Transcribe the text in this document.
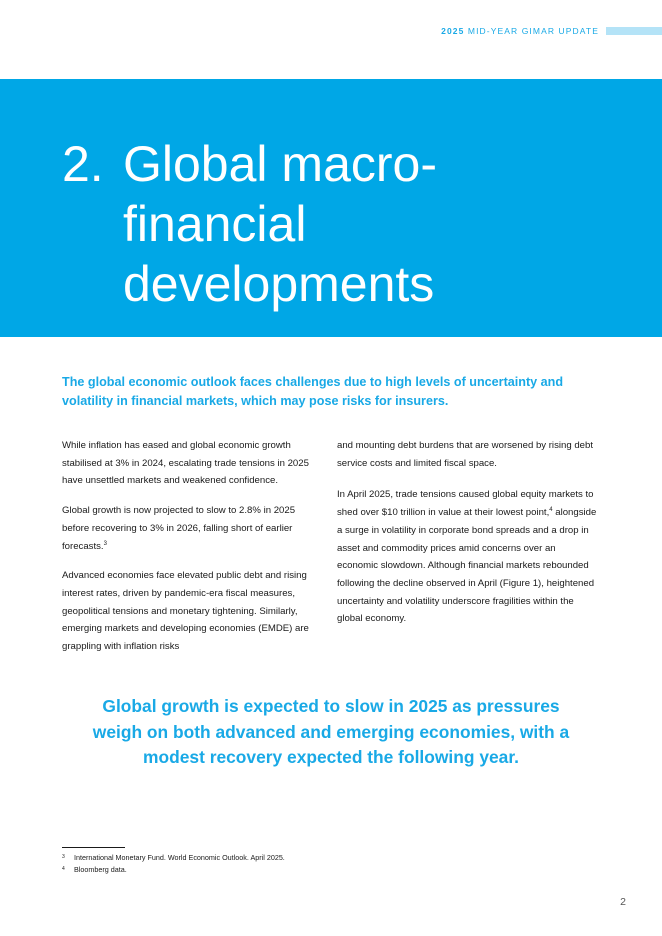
2025 MID-YEAR GIMAR UPDATE
2. Global macro-financial developments
The global economic outlook faces challenges due to high levels of uncertainty and volatility in financial markets, which may pose risks for insurers.

While inflation has eased and global economic growth stabilised at 3% in 2024, escalating trade tensions in 2025 have unsettled markets and weakened confidence.

Global growth is now projected to slow to 2.8% in 2025 before recovering to 3% in 2026, falling short of earlier forecasts.$^3$

Advanced economies face elevated public debt and rising interest rates, driven by pandemic-era fiscal measures, geopolitical tensions and monetary tightening. Similarly, emerging markets and developing economies (EMDE) are grappling with inflation risks

and mounting debt burdens that are worsened by rising debt service costs and limited fiscal space.

In April 2025, trade tensions caused global equity markets to shed over $10 trillion in value at their lowest point,$^4$ alongside a surge in volatility in corporate bond spreads and a drop in asset and commodity prices amid concerns over an economic slowdown. Although financial markets rebounded following the decline observed in April (Figure 1), heightened uncertainty and volatility underscore fragilities within the global economy.

Global growth is expected to slow in 2025 as pressures weigh on both advanced and emerging economies, with a modest recovery expected the following year.
3	International Monetary Fund. World Economic Outlook. April 2025.
4	Bloomberg data.
2
